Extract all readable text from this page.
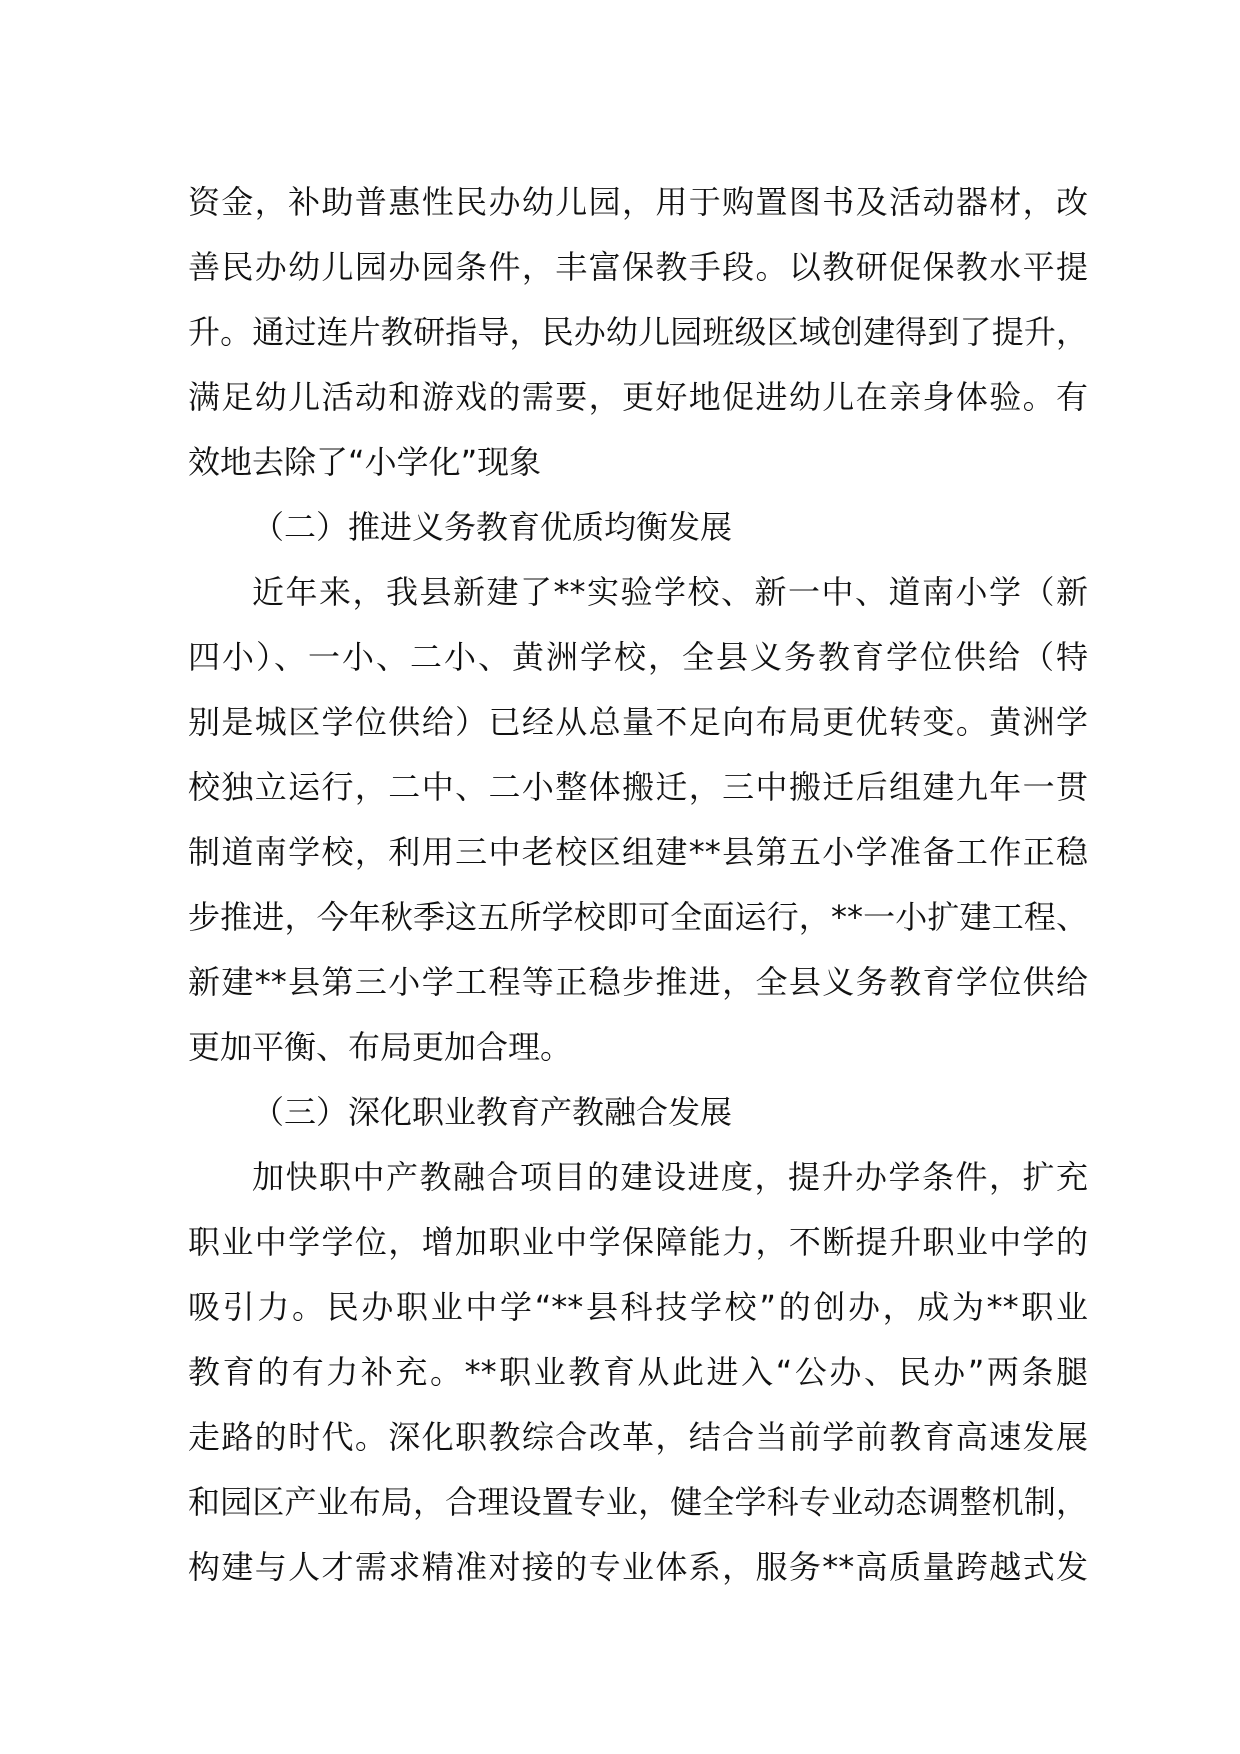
资金，补助普惠性民办幼儿园，用于购置图书及活动器材，改
善民办幼儿园办园条件，丰富保教手段。以教研促保教水平提
升。通过连片教研指导，民办幼儿园班级区域创建得到了提升，
满足幼儿活动和游戏的需要，更好地促进幼儿在亲身体验。有
效地去除了“小学化”现象
（二）推进义务教育优质均衡发展
近年来，我县新建了**实验学校、新一中、道南小学（新
四小）、一小、二小、黄洲学校，全县义务教育学位供给（特
别是城区学位供给）已经从总量不足向布局更优转变。黄洲学
校独立运行，二中、二小整体搬迁，三中搬迁后组建九年一贯
制道南学校，利用三中老校区组建**县第五小学准备工作正稳
步推进，今年秋季这五所学校即可全面运行，**一小扩建工程、
新建**县第三小学工程等正稳步推进，全县义务教育学位供给
更加平衡、布局更加合理。
（三）深化职业教育产教融合发展
加快职中产教融合项目的建设进度，提升办学条件，扩充
职业中学学位，增加职业中学保障能力，不断提升职业中学的
吸引力。民办职业中学“**县科技学校”的创办，成为**职业
教育的有力补充。**职业教育从此进入“公办、民办”两条腿
走路的时代。深化职教综合改革，结合当前学前教育高速发展
和园区产业布局，合理设置专业，健全学科专业动态调整机制，
构建与人才需求精准对接的专业体系，服务**高质量跨越式发
